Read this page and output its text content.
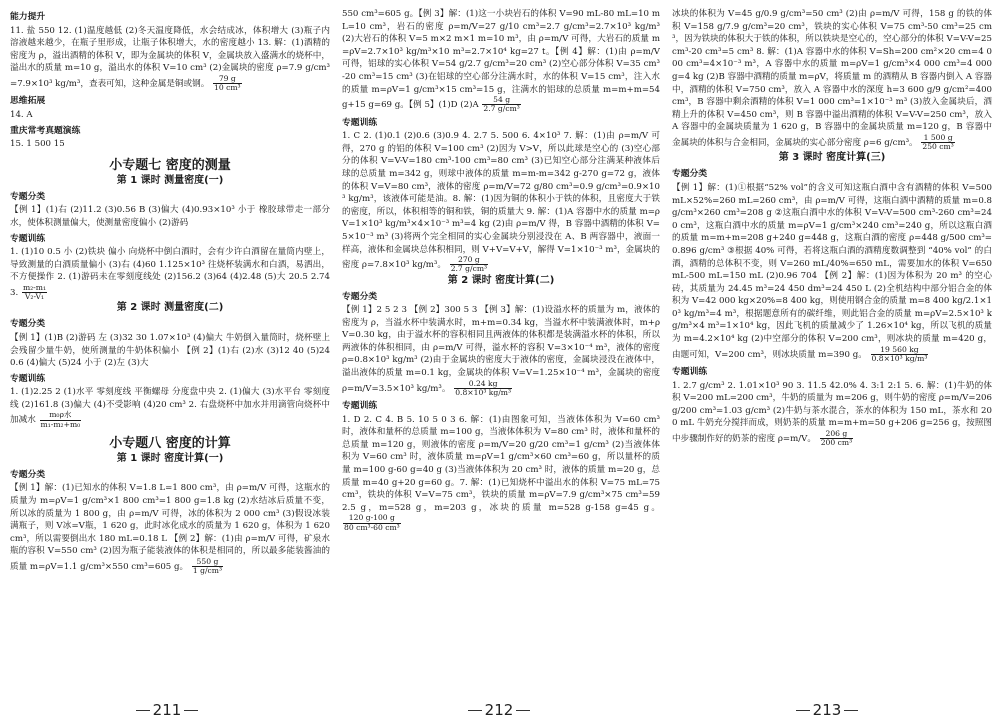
能力提升

11. 盐 550 12. (1)温度越低 (2)冬天温度降低，水会结成冰，体积增大 (3)瓶子内溶液越来越少，在瓶子里形成，让瓶子体积增大，水的密度越小 13. 解：(1)酒精的密度为 ρ，溢出酒精的体积 V，即为金属块的体积 V，金属块放入盛满水的烧杯中，溢出水的质量 m=10 g，溢出水的体积 V=10 cm³ (2)金属块的密度 ρ=7.9 g/cm³=7.9×10³ kg/m³，查表可知，这种金属是铜或钢。 $\frac{79 g}{\text{10 cm³}}$

思维拓展

14. A

重庆常考真题演练

15. 1 500 15

小专题七 密度的测量
第 1 课时 测量密度(一)
专题分类

【例 1】(1)右 (2)11.2 (3)0.56 B (3)偏大 (4)0.93×10³ 小于 橡胶球带走一部分水，使体积测量偏大，使测量密度偏小 (2)游码

专题训练

1. (1)10 0.5 小 (2)铁块 偏小 向烧杯中倒白酒时，会有少许白酒留在量筒内壁上，导致测量的白酒质量偏小 (3)右 (4)60 1.125×10³ 往烧杯装满水和白酒，易洒出，不方便操作 2. (1)游码未在零刻度线处 (2)156.2 (3)64 (4)2.48 (5)大 20.5 2.74 3. $\frac{\text{m₂-m₁}}{\text{V₂-V₁}}$

第 2 课时 测量密度(二)
专题分类

【例 1】(1)B (2)游码 左 (3)32 30 1.07×10³ (4)偏大 牛奶倒入量筒时，烧杯壁上会残留少量牛奶，使所测量的牛奶体积偏小 【例 2】(1)右 (2)水 (3)12 40 (5)24 0.6 (4)偏大 (5)24 小于 (2)左 (3)大

专题训练

1. (1)2.25 2 (1)水平 零刻度线 平衡螺母 分度盘中央 2. (1)偏大 (3)水平台 零刻度线 (2)161.8 (3)偏大 (4)不受影响 (4)20 cm³ 2. 右盘烧杯中加水并用滴管向烧杯中加减水 $\frac{\text{m₀ρ水}}{\text{m₁-m₂+m₀}}$

小专题八 密度的计算
第 1 课时 密度计算(一)
专题分类

【例 1】解：(1)已知水的体积 V=1.8 L=1 800 cm³，由 ρ=m/V 可得，这瓶水的质量为 m=ρV=1 g/cm³×1 800 cm³=1 800 g=1.8 kg (2)水结冰后质量不变，所以冰的质量为 1 800 g，由 ρ=m/V 可得，冰的体积为 2 000 cm³ (3)假设冰装满瓶子，则 V冰=V瓶，1 620 g，此时冰化成水的质量为 1 620 g，体积为 1 620 cm³，所以需要倒出水 180 mL=0.18 L 【例 2】解：(1)由 ρ=m/V 可得，矿泉水瓶的容积 V=550 cm³ (2)因为瓶子能装液体的体积是相同的，所以最多能装酱油的质量 m=ρV=1.1 g/cm³×550 cm³=605 g。 $\frac{550 g}{\text{1 g/cm³}}$

550 cm³=605 g。【例 3】解：(1)这一小块岩石的体积 V=90 mL-80 mL=10 mL=10 cm³，岩石的密度 ρ=m/V=27 g/10 cm³=2.7 g/cm³=2.7×10³ kg/m³ (2)大岩石的体积 V=5 m×2 m×1 m=10 m³，由 ρ=m/V 可得，大岩石的质量 m=ρV=2.7×10³ kg/m³×10 m³=2.7×10⁴ kg=27 t。【例 4】解：(1)由 ρ=m/V 可得，铝球的实心体积 V=54 g/2.7 g/cm³=20 cm³ (2)空心部分体积 V=35 cm³-20 cm³=15 cm³ (3)在铝球的空心部分注满水时，水的体积 V=15 cm³，注入水的质量 m=ρV=1 g/cm³×15 cm³=15 g，注满水的铝球的总质量 m=m+m=54 g+15 g=69 g。【例 5】(1)D $(2)A \frac{54 g}{\text{2.7 g/cm³}}$

专题训练

1. C 2. (1)0.1 (2)0.6 (3)0.9 4. 2.7 5. 500 6. 4×10³ 7. 解：(1)由 ρ=m/V 可得，270 g 的铝的体积 V=100 cm³ (2)因为 V>V，所以此球是空心的 (3)空心部分的体积 V=V-V=180 cm³-100 cm³=80 cm³ (3)已知空心部分注满某种液体后球的总质量 m=342 g，则球中液体的质量 m=m-m=342 g-270 g=72 g，液体的体积 V=V=80 cm³，液体的密度 ρ=m/V=72 g/80 cm³=0.9 g/cm³=0.9×10³ kg/m³，该液体可能是油。8. 解：(1)因为铜的体积小于铁的体积，且密度大于铁的密度，所以，体积相等的铜和铁，铜的质量大 9. 解：(1)A 容器中水的质量 m=ρV=1×10³ kg/m³×4×10⁻³ m³=4 kg (2)由 ρ=m/V 得，B 容器中酒精的体积 V=5×10⁻³ m³ (3)将两个完全相同的实心金属块分别浸没在 A、B 两容器中，液面一样高，液体和金属块总体积相同，则 V+V=V+V，解得 V=1×10⁻³ m³，金属块的密度 ρ=7.8×10³ kg/m³。 $\frac{270 g}{\text{2.7 g/cm³}}$

第 2 课时 密度计算(二)
专题分类

【例 1】2 5 2 3 【例 2】300 5 3 【例 3】解：(1)设溢水杯的质量为 m，液体的密度为 ρ，当溢水杯中装满水时，m+m=0.34 kg，当溢水杯中装满液体时，m+ρV=0.30 kg，由于溢水杯的容积相同且两液体的体积都是装满溢水杯的体积，所以两液体的体积相同，由 ρ=m/V 可得，溢水杯的容积 V=3×10⁻⁴ m³，液体的密度 ρ=0.8×10³ kg/m³ (2)由于金属块的密度大于液体的密度，金属块浸没在液体中，溢出液体的质量 m=0.1 kg，金属块的体积 V=V=1.25×10⁻⁴ m³，金属块的密度 ρ=m/V=3.5×10³ kg/m³。 $\frac{0.24 kg}{\text{0.8×10³ kg/m³}}$

专题训练

1. D 2. C 4. B 5. 10 5 0 3 6. 解：(1)由图象可知，当液体体积为 V=60 cm³ 时，液体和量杯的总质量 m=100 g，当液体体积为 V=80 cm³ 时，液体和量杯的总质量 m=120 g，则液体的密度 ρ=m/V=20 g/20 cm³=1 g/cm³ (2)当液体体积为 V=60 cm³ 时，液体质量 m=ρV=1 g/cm³×60 cm³=60 g，所以量杯的质量 m=100 g-60 g=40 g (3)当液体体积为 20 cm³ 时，液体的质量 m=20 g，总质量 m=40 g+20 g=60 g。7. 解：(1)已知烧杯中溢出水的体积 V=75 mL=75 cm³，铁块的体积 V=V=75 cm³，铁块的质量 m=ρV=7.9 g/cm³×75 cm³=592.5 g，m=528 g，m=203 g，冰块的质量 m=528 g-158 g=45 g。
$\frac{120 g-100 g}{\text{80 cm³-60 cm³}}$

冰块的体积为 V=45 g/0.9 g/cm³=50 cm³ (2)由 ρ=m/V 可得，158 g 的铁的体积 V=158 g/7.9 g/cm³=20 cm³，铁块的实心体积 V=75 cm³-50 cm³=25 cm³，因为铁块的体积大于铁的体积，所以铁块是空心的，空心部分的体积 V=V-V=25 cm³-20 cm³=5 cm³ 8. 解：(1)A 容器中水的体积 V=Sh=200 cm²×20 cm=4 000 cm³=4×10⁻³ m³，A 容器中水的质量 m=ρV=1 g/cm³×4 000 cm³=4 000 g=4 kg (2)B 容器中酒精的质量 m=ρV，将质量 m 的酒精从 B 容器内倒入 A 容器中，酒精的体积 V=750 cm³，放入 A 容器中水的深度 h=3 600 g/9 g/cm²=400 cm³，B 容器中剩余酒精的体积 V=1 000 cm³=1×10⁻³ m³ (3)放入金属块后，酒精上升的体积 V=450 cm³，则 B 容器中溢出酒精的体积 V=V-V=250 cm³，放入 A 容器中的金属块质量为 1 620 g，B 容器中的金属块质量 m=120 g，B 容器中金属块的体积与合金相同，金属块的实心部分密度 ρ=6 g/cm³。 $\frac{1 500 g}{\text{250 cm³}}$

第 3 课时 密度计算(三)
专题分类

【例 1】解：(1)①根据“52% vol”的含义可知这瓶白酒中含有酒精的体积 V=500 mL×52%=260 mL=260 cm³，由 ρ=m/V 可得，这瓶白酒中酒精的质量 m=0.8 g/cm³×260 cm³=208 g ②这瓶白酒中水的体积 V=V-V=500 cm³-260 cm³=240 cm³，这瓶白酒中水的质量 m=ρV=1 g/cm³×240 cm³=240 g，所以这瓶白酒的质量 m=m+m=208 g+240 g=448 g，这瓶白酒的密度 ρ=448 g/500 cm³=0.896 g/cm³ ③根据 40% 可得，若将这瓶白酒的酒精度数调整到 “40% vol” 的白酒，酒精的总体积不变，则 V=260 mL/40%=650 mL，需要加水的体积 V=650 mL-500 mL=150 mL (2)0.96 704 【例 2】解：(1)因为体积为 20 m³ 的空心砖，其质量为 24.45 m³=24 450 dm³=24 450 L (2)全机结构中部分铝合金的体积为 V=42 000 kg×20%=8 400 kg，则使用钢合金的质量 m=8 400 kg/2.1×10³ kg/m³=4 m³，根据题意所有的碳纤维，则此铝合金的质量 m=ρV=2.5×10³ kg/m³×4 m³=1×10⁴ kg，因此飞机的质量减少了 1.26×10⁴ kg，所以飞机的质量为 m=4.2×10⁴ kg (2)中空部分的体积 V=200 cm³，则冰块的质量 m=420 g，由题可知，V=200 cm³，则冰块质量 m=390 g。 $\frac{19 560 kg}{\text{0.8×10³ kg/m³}}$

专题训练

1. 2.7 g/cm³ 2. 1.01×10³ 90 3. 11.5 42.0% 4. 3:1 2:1 5. 6. 解：(1)牛奶的体积 V=200 mL=200 cm³，牛奶的质量为 m=206 g，则牛奶的密度 ρ=m/V=206 g/200 cm³=1.03 g/cm³ (2)牛奶与茶水混合，茶水的体积为 150 mL，茶水和 200 mL 牛奶充分搅拌而成，则奶茶的质量 m=m+m=50 g+206 g=256 g，按照图中步骤制作好的奶茶的密度 ρ=m/V。 $\frac{206 g}{\text{200 cm³}}$

211	212	213
